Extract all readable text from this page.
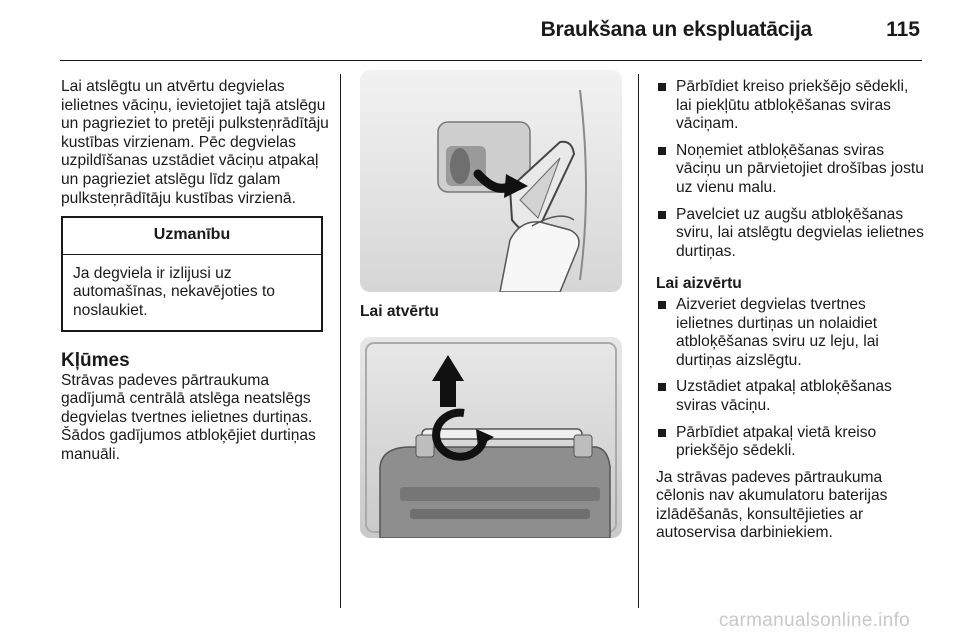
Braukšana un ekspluatācija	115

Lai atslēgtu un atvērtu degvielas ielietnes vāciņu, ievietojiet tajā atslēgu un pagrieziet to pretēji pulksteņrādītāju kustības virzienam. Pēc degvielas uzpildīšanas uzstādiet vāciņu atpakaļ un pagrieziet atslēgu līdz galam pulksteņrādītāju kustības virzienā.

Uzmanību
Ja degviela ir izlijusi uz automašīnas, nekavējoties to noslaukiet.
Kļūmes

Strāvas padeves pārtraukuma gadījumā centrālā atslēga neatslēgs degvielas tvertnes ielietnes durtiņas. Šādos gadījumos atbloķējiet durtiņas manuāli.

Lai atvērtu
Pārbīdiet kreiso priekšējo sēdekli, lai piekļūtu atbloķēšanas sviras vāciņam.
Noņemiet atbloķēšanas sviras vāciņu un pārvietojiet drošības jostu uz vienu malu.
Pavelciet uz augšu atbloķēšanas sviru, lai atslēgtu degvielas ielietnes durtiņas.
Lai aizvērtu
Aizveriet degvielas tvertnes ielietnes durtiņas un nolaidiet atbloķēšanas sviru uz leju, lai durtiņas aizslēgtu.
Uzstādiet atpakaļ atbloķēšanas sviras vāciņu.
Pārbīdiet atpakaļ vietā kreiso priekšējo sēdekli.

Ja strāvas padeves pārtraukuma cēlonis nav akumulatoru baterijas izlādēšanās, konsultējieties ar autoservisa darbiniekiem.

carmanualsonline.info
